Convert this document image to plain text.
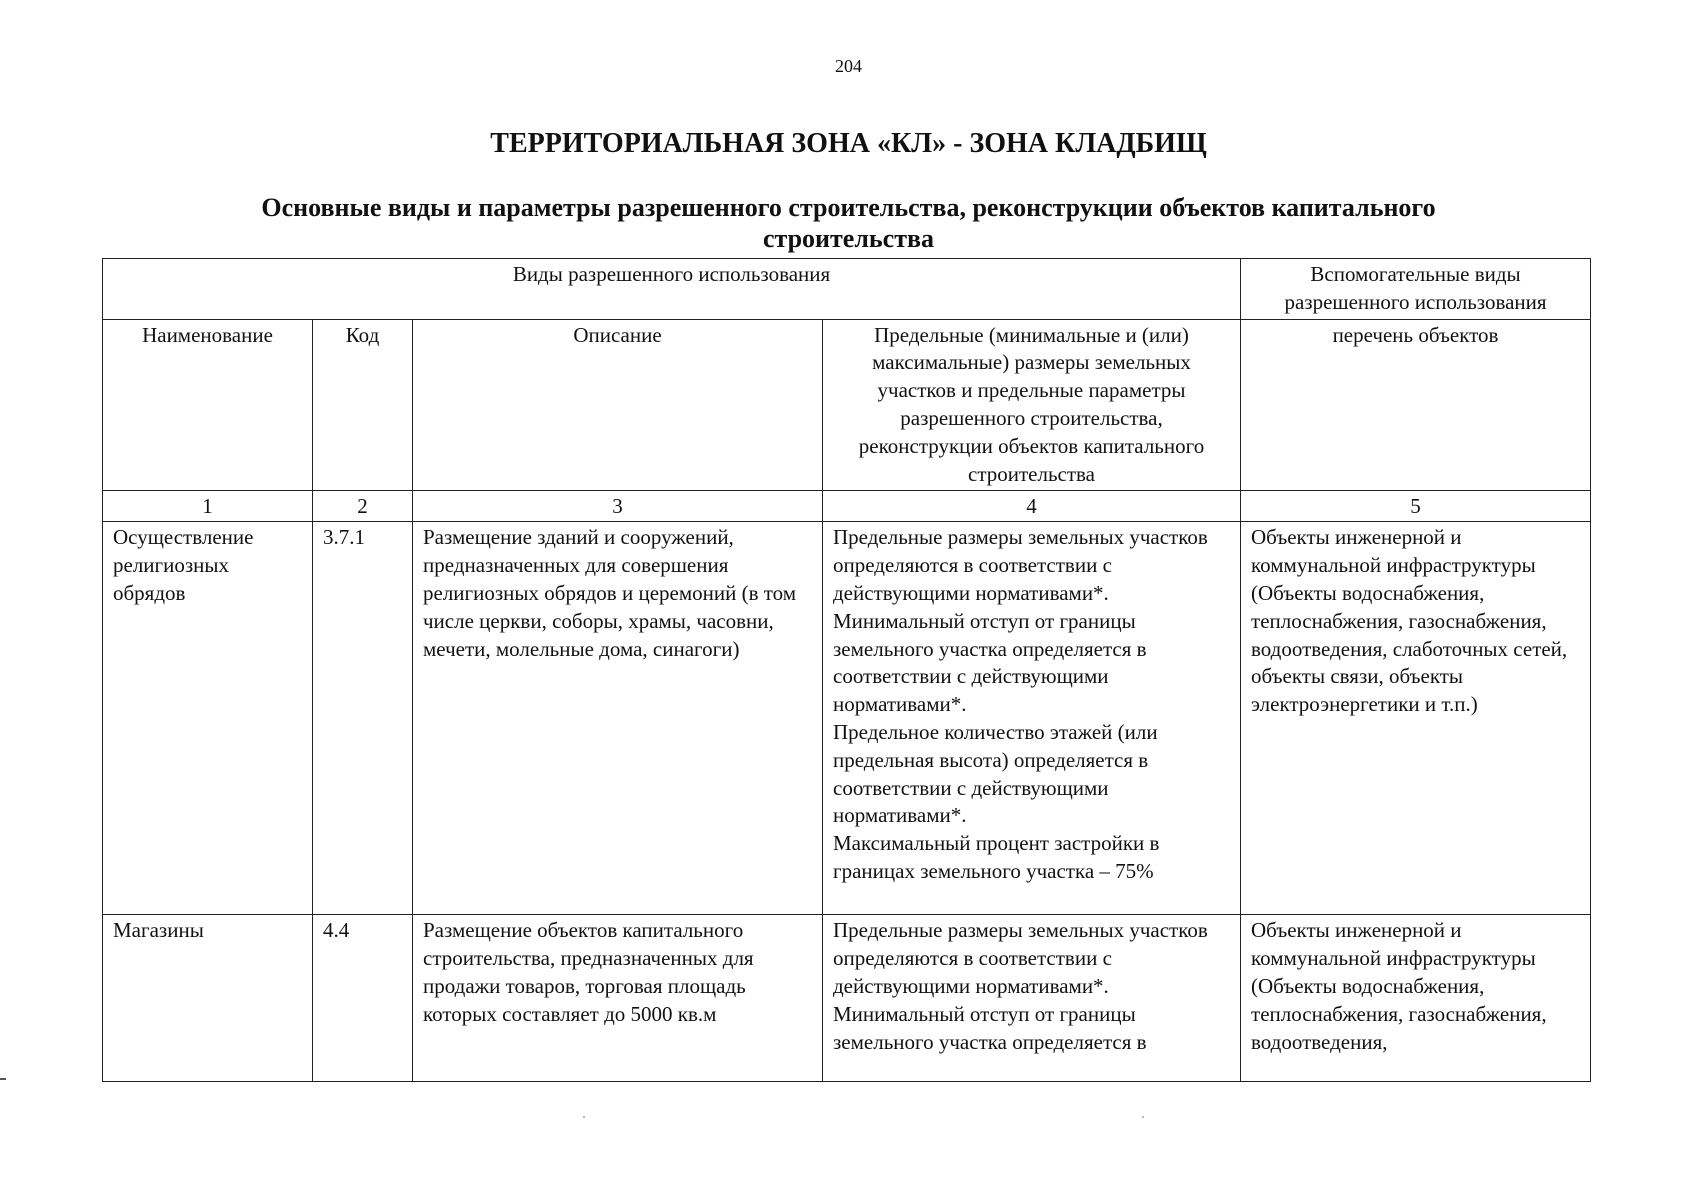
204
ТЕРРИТОРИАЛЬНАЯ ЗОНА «КЛ» - ЗОНА КЛАДБИЩ
Основные виды и параметры разрешенного строительства, реконструкции объектов капитального
строительства
Виды разрешенного использования				Вспомогательные виды разрешенного использования
Наименование	Код	Описание	Предельные (минимальные и (или) максимальные) размеры земельных участков и предельные параметры разрешенного строительства, реконструкции объектов капитального строительства	перечень объектов
1	2	3	4	5
Осуществление религиозных обрядов	3.7.1	Размещение зданий и сооружений, предназначенных для совершения религиозных обрядов и церемоний (в том числе церкви, соборы, храмы, часовни, мечети, молельные дома, синагоги)	Предельные размеры земельных участков определяются в соответствии с действующими нормативами*.
Минимальный отступ от границы земельного участка определяется в соответствии с действующими нормативами*.
Предельное количество этажей (или предельная высота) определяется в соответствии с действующими нормативами*.
Максимальный процент застройки в границах земельного участка – 75%	Объекты инженерной и коммунальной инфраструктуры (Объекты водоснабжения, теплоснабжения, газоснабжения, водоотведения, слаботочных сетей, объекты связи, объекты электроэнергетики и т.п.)
Магазины	4.4	Размещение объектов капитального строительства, предназначенных для продажи товаров, торговая площадь которых составляет до 5000 кв.м	Предельные размеры земельных участков определяются в соответствии с действующими нормативами*.
Минимальный отступ от границы земельного участка определяется в	Объекты инженерной и коммунальной инфраструктуры (Объекты водоснабжения, теплоснабжения, газоснабжения, водоотведения,
